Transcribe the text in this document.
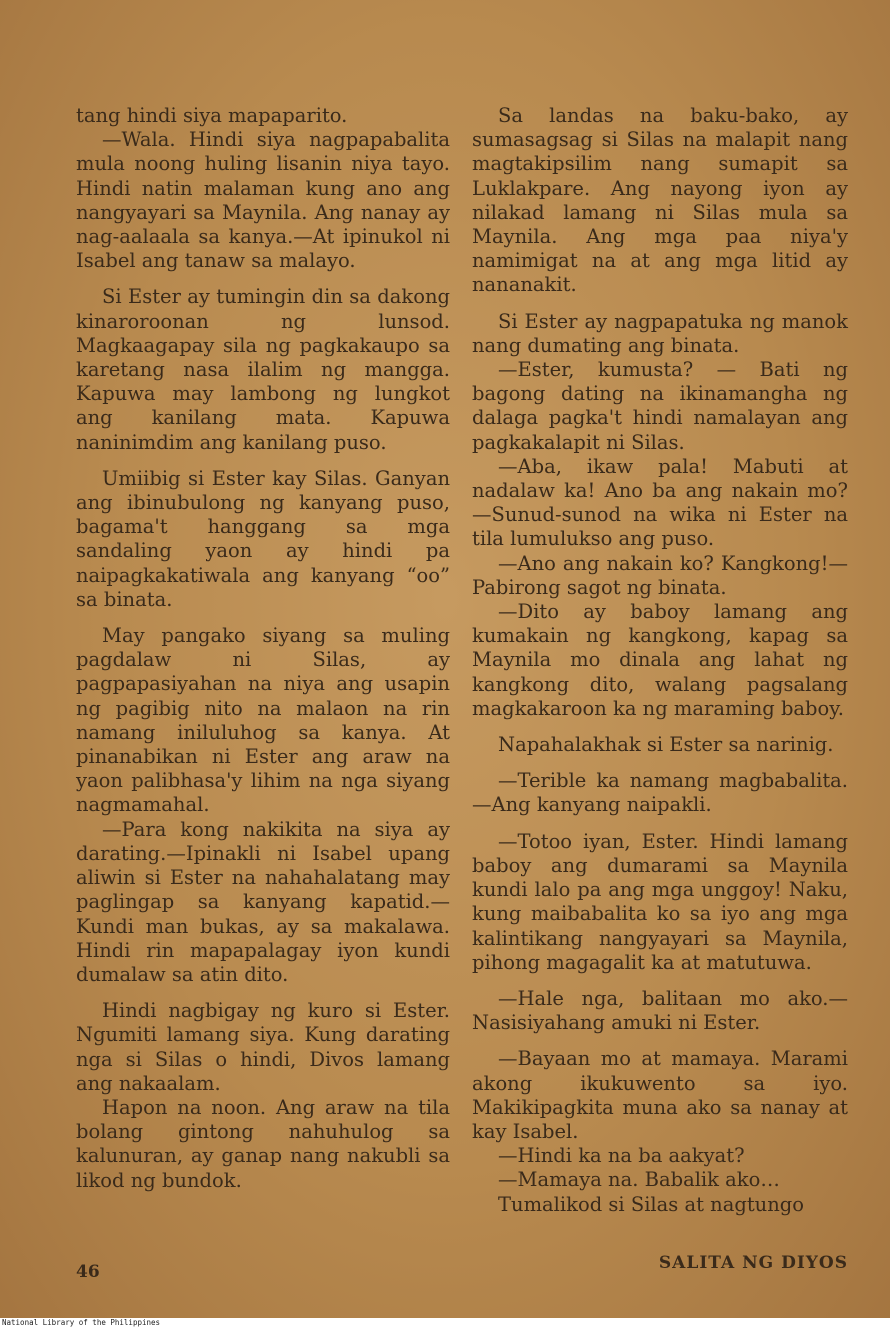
tang hindi siya mapaparito.

—Wala. Hindi siya nagpapabalita mula noong huling lisanin niya tayo. Hindi natin malaman kung ano ang nangyayari sa Maynila. Ang nanay ay nag-aalaala sa kanya.—At ipinukol ni Isabel ang tanaw sa malayo.

Si Ester ay tumingin din sa dakong kinaroroonan ng lunsod. Magkaagapay sila ng pagkakaupo sa karetang nasa ilalim ng mangga. Kapuwa may lambong ng lungkot ang kanilang mata. Kapuwa naninimdim ang kanilang puso.

Umiibig si Ester kay Silas. Ganyan ang ibinubulong ng kanyang puso, bagama't hanggang sa mga sandaling yaon ay hindi pa naipagkakatiwala ang kanyang “oo” sa binata.

May pangako siyang sa muling pagdalaw ni Silas, ay pagpapasiyahan na niya ang usapin ng pagibig nito na malaon na rin namang iniluluhog sa kanya. At pinanabikan ni Ester ang araw na yaon palibhasa'y lihim na nga siyang nagmamahal.

—Para kong nakikita na siya ay darating.—Ipinakli ni Isabel upang aliwin si Ester na nahahalatang may paglingap sa kanyang kapatid.—Kundi man bukas, ay sa makalawa. Hindi rin mapapalagay iyon kundi dumalaw sa atin dito.

Hindi nagbigay ng kuro si Ester. Ngumiti lamang siya. Kung darating nga si Silas o hindi, Divos lamang ang nakaalam.

Hapon na noon. Ang araw na tila bolang gintong nahuhulog sa kalunuran, ay ganap nang nakubli sa likod ng bundok.

Sa landas na baku-bako, ay sumasagsag si Silas na malapit nang magtakipsilim nang sumapit sa Luklakpare. Ang nayong iyon ay nilakad lamang ni Silas mula sa Maynila. Ang mga paa niya'y namimigat na at ang mga litid ay nananakit.

Si Ester ay nagpapatuka ng manok nang dumating ang binata.

—Ester, kumusta? — Bati ng bagong dating na ikinamangha ng dalaga pagka't hindi namalayan ang pagkakalapit ni Silas.

—Aba, ikaw pala! Mabuti at nadalaw ka! Ano ba ang nakain mo?—Sunud-sunod na wika ni Ester na tila lumulukso ang puso.

—Ano ang nakain ko? Kangkong!—Pabirong sagot ng binata.

—Dito ay baboy lamang ang kumakain ng kangkong, kapag sa Maynila mo dinala ang lahat ng kangkong dito, walang pagsalang magkakaroon ka ng maraming baboy.

Napahalakhak si Ester sa narinig.

—Terible ka namang magbabalita.—Ang kanyang naipakli.

—Totoo iyan, Ester. Hindi lamang baboy ang dumarami sa Maynila kundi lalo pa ang mga unggoy! Naku, kung maibabalita ko sa iyo ang mga kalintikang nangyayari sa Maynila, pihong magagalit ka at matutuwa.

—Hale nga, balitaan mo ako.—Nasisiyahang amuki ni Ester.

—Bayaan mo at mamaya. Marami akong ikukuwento sa iyo. Makikipagkita muna ako sa nanay at kay Isabel.

—Hindi ka na ba aakyat?

—Mamaya na. Babalik ako…

Tumalikod si Silas at nagtungo

46	SALITA NG DIYOS
National Library of the Philippines
